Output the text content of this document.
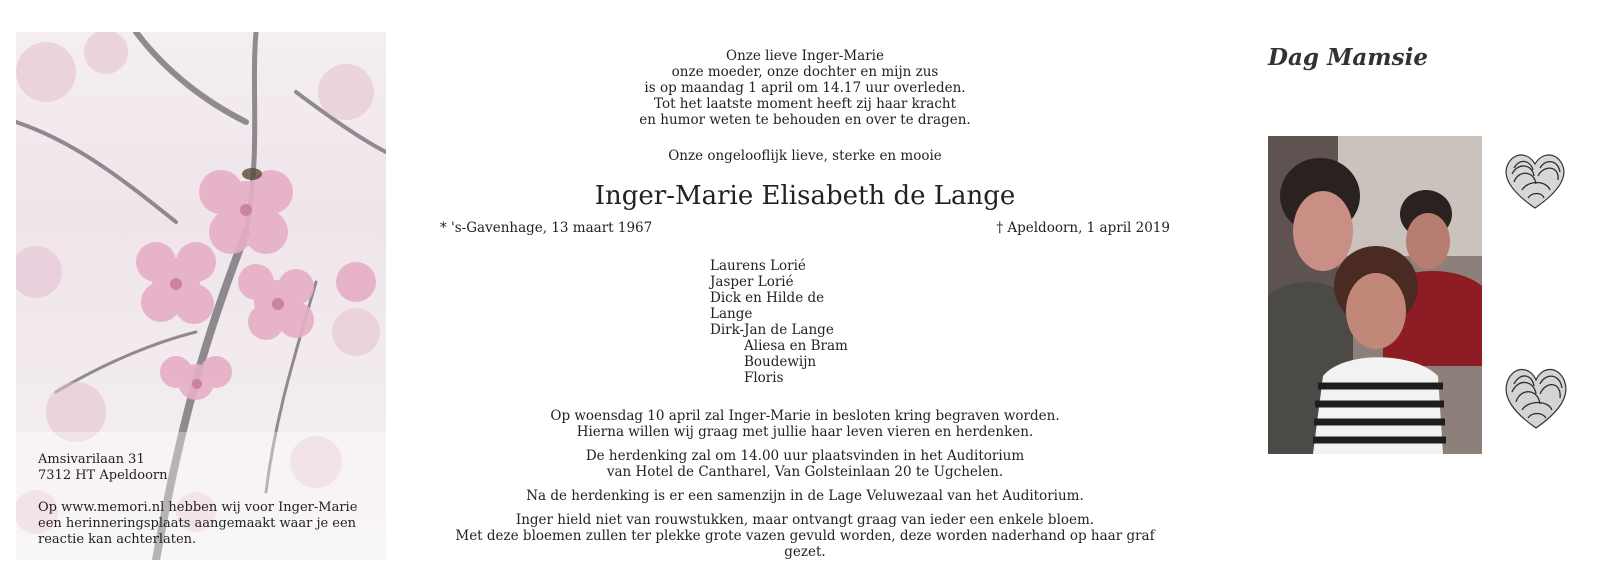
Amsivarilaan 31

7312 HT Apeldoorn

Op www.memori.nl hebben wij voor Inger-Marie

een herinneringsplaats aangemaakt waar je een

reactie kan achterlaten.

Onze lieve Inger-Marie

onze moeder, onze dochter en mijn zus

is op maandag 1 april om 14.17 uur overleden.

Tot het laatste moment heeft zij haar kracht

en humor weten te behouden en over te dragen.

Onze ongelooflijk lieve, sterke en mooie

Inger-Marie Elisabeth de Lange

* 's-Gavenhage, 13 maart 1967	† Apeldoorn, 1 april 2019

Laurens Lorié

Jasper Lorié

Dick en Hilde de Lange

Dirk-Jan de Lange

Aliesa en Bram

Boudewijn

Floris

Op woensdag 10 april zal Inger-Marie in besloten kring begraven worden.

Hierna willen wij graag met jullie haar leven vieren en herdenken.

De herdenking zal om 14.00 uur plaatsvinden in het Auditorium

van Hotel de Cantharel, Van Golsteinlaan 20 te Ugchelen.

Na de herdenking is er een samenzijn in de Lage Veluwezaal van het Auditorium.

Inger hield niet van rouwstukken, maar ontvangt graag van ieder een enkele bloem.

Met deze bloemen zullen ter plekke grote vazen gevuld worden, deze worden naderhand op haar graf gezet.

Dag Mamsie
